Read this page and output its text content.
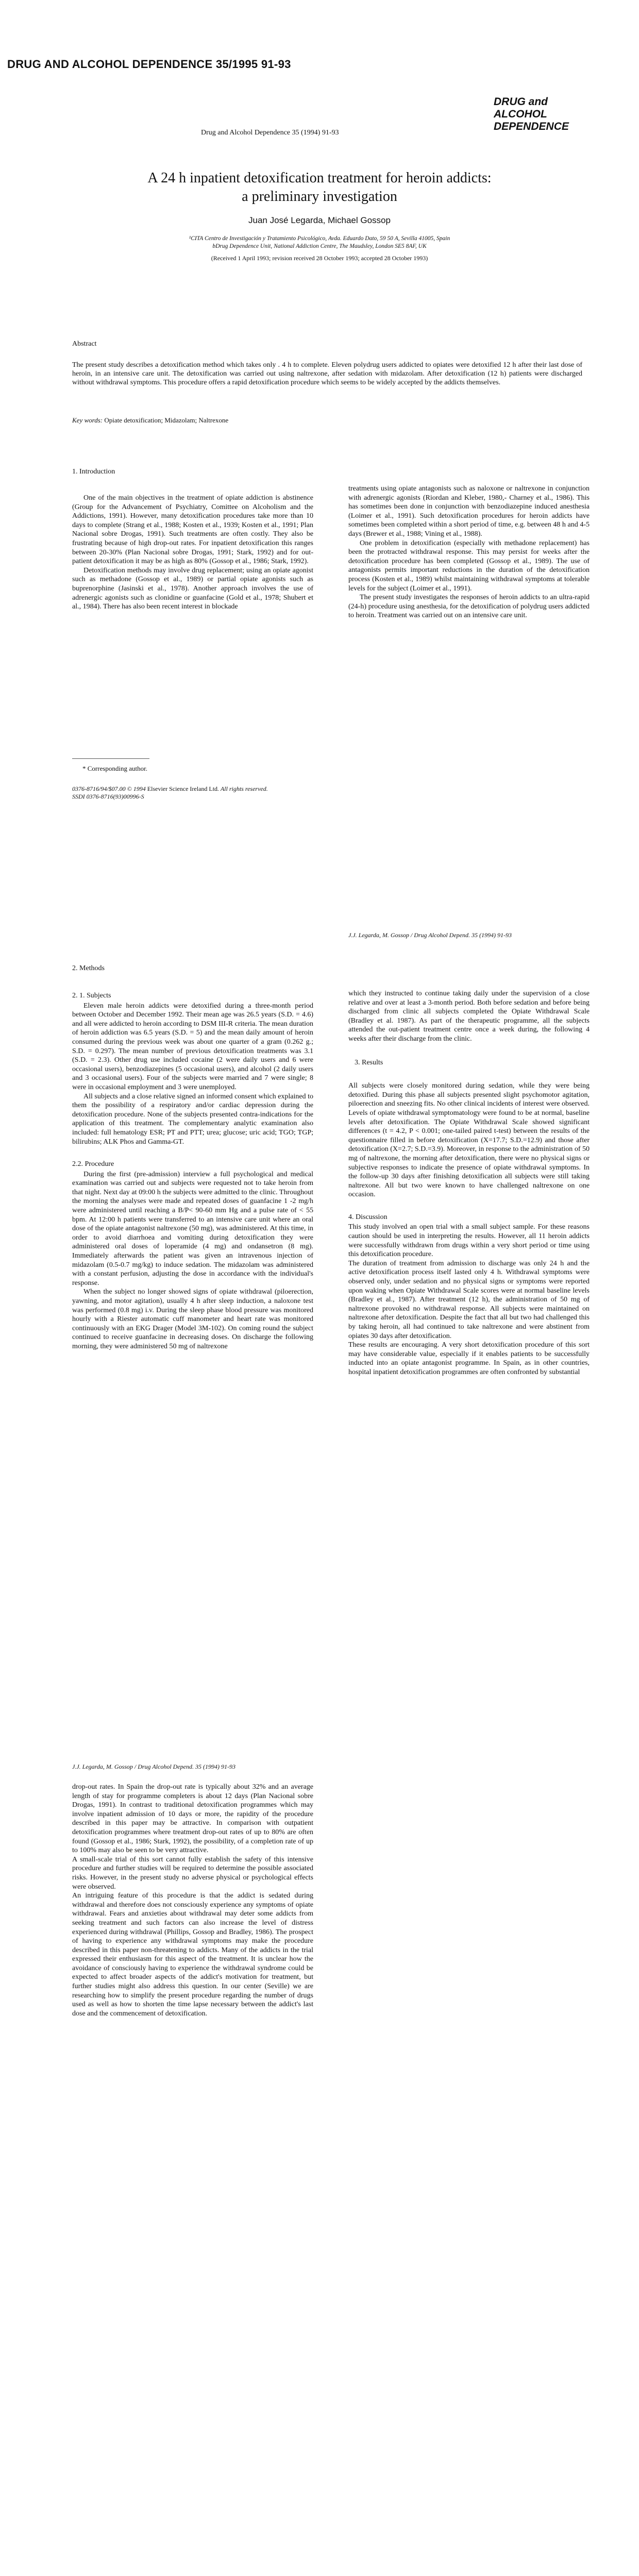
DRUG AND ALCOHOL DEPENDENCE 35/1995 91-93
DRUG and
ALCOHOL
DEPENDENCE
Drug and Alcohol Dependence 35 (1994) 91-93
A 24 h inpatient detoxification treatment for heroin addicts:
a preliminary investigation
Juan José Legarda, Michael Gossop
¹CITA Centro de Investigación y Tratamiento Psicológico, Avda. Eduardo Dato, 59 50 A, Sevilla 41005, Spain
bDrug Dependence Unit, National Addiction Centre, The Maudsley, London SE5 8AF, UK
(Received 1 April 1993; revision received 28 October 1993; accepted 28 October 1993)
Abstract
The present study describes a detoxification method which takes only . 4 h to complete. Eleven polydrug users addicted to opiates were detoxified 12 h after their last dose of heroin, in an intensive care unit. The detoxification was carried out using naltrexone, after sedation with midazolam. After detoxification (12 h) patients were discharged without withdrawal symptoms. This procedure offers a rapid detoxification procedure which seems to be widely accepted by the addicts themselves.
Key words: Opiate detoxification; Midazolam; Naltrexone
1. Introduction

One of the main objectives in the treatment of opiate addiction is abstinence (Group for the Advancement of Psychiatry, Comittee on Alcoholism and the Addictions, 1991). However, many detoxification procedures take more than 10 days to complete (Strang et al., 1988; Kosten et al., 1939; Kosten et al., 1991; Plan Nacional sobre Drogas, 1991). Such treatments are often costly. They also be frustrating because of high drop-out rates. For inpatient detoxification this ranges between 20-30% (Plan Nacional sobre Drogas, 1991; Stark, 1992) and for out-patient detoxification it may be as high as 80% (Gossop et al., 1986; Stark, 1992).

Detoxification methods may involve drug replacement; using an opiate agonist such as methadone (Gossop et al., 1989) or partial opiate agonists such as buprenorphine (Jasinski et al., 1978). Another approach involves the use of adrenergic agonists such as clonidine or guanfacine (Gold et al., 1978; Shubert et al., 1984). There has also been recent interest in blockade

treatments using opiate antagonists such as naloxone or naltrexone in conjunction with adrenergic agonists (Riordan and Kleber, 1980,- Charney et al., 1986). This has sometimes been done in conjunction with benzodiazepine induced anesthesia (Loimer et al., 1991). Such detoxification procedures for heroin addicts have sometimes been completed within a short period of time, e.g. between 48 h and 4-5 days (Brewer et al., 1988; Vining et al., 1988).

One problem in detoxification (especially with methadone replacement) has been the protracted withdrawal response. This may persist for weeks after the detoxification procedure has been completed (Gossop et al., 1989). The use of antagonists permits important reductions in the duration of the detoxification process (Kosten et al., 1989) whilst maintaining withdrawal symptoms at tolerable levels for the subject (Loimer et al., 1991).

The present study investigates the responses of heroin addicts to an ultra-rapid (24-h) procedure using anesthesia, for the detoxification of polydrug users addicted to heroin. Treatment was carried out on an intensive care unit.

* Corresponding author.
0376-8716/94/$07.00 © 1994 Elsevier Science Ireland Ltd. All rights reserved.
SSDI 0376-8716(93)00996-S
J.J. Legarda, M. Gossop / Drug Alcohol Depend. 35 (1994) 91-93
2. Methods
2. 1. Subjects

Eleven male heroin addicts were detoxified during a three-month period between October and December 1992. Their mean age was 26.5 years (S.D. = 4.6) and all were addicted to heroin according to DSM III-R criteria. The mean duration of heroin addiction was 6.5 years (S.D. = 5) and the mean daily amount of heroin consumed during the previous week was about one quarter of a gram (0.262 g.; S.D. = 0.297). The mean number of previous detoxification treatments was 3.1 (S.D. = 2.3). Other drug use included cocaine (2 were daily users and 6 were occasional users), benzodiazepines (5 occasional users), and alcohol (2 daily users and 3 occasional users). Four of the subjects were married and 7 were single; 8 were in occasional employment and 3 were unemployed.

All subjects and a close relative signed an informed consent which explained to them the possibility of a respiratory and/or cardiac depression during the detoxification procedure. None of the subjects presented contra-indications for the application of this treatment. The complementary analytic examination also included: full hematology ESR; PT and PTT; urea; glucose; uric acid; TGO; TGP; bilirubins; ALK Phos and Gamma-GT.

2.2. Procedure

During the first (pre-admission) interview a full psychological and medical examination was carried out and subjects were requested not to take heroin from that night. Next day at 09:00 h the subjects were admitted to the clinic. Throughout the morning the analyses were made and repeated doses of guanfacine 1 -2 mg/h were administered until reaching a B/P< 90-60 mm Hg and a pulse rate of < 55 bpm. At 12:00 h patients were transferred to an intensive care unit where an oral dose of the opiate antagonist naltrexone (50 mg), was administered. At this time, in order to avoid diarrhoea and vomiting during detoxification they were administered oral doses of loperamide (4 mg) and ondansetron (8 mg). Immediately afterwards the patient was given an intravenous injection of midazolam (0.5-0.7 mg/kg) to induce sedation. The midazolam was administered with a constant perfusion, adjusting the dose in accordance with the individual's response.

When the subject no longer showed signs of opiate withdrawal (piloerection, yawning, and motor agitation), usually 4 h after sleep induction, a naloxone test was performed (0.8 mg) i.v. During the sleep phase blood pressure was monitored hourly with a Riester automatic cuff manometer and heart rate was monitored continuously with an EKG Drager (Model 3M-102). On coming round the subject continued to receive guanfacine in decreasing doses. On discharge the following morning, they were administered 50 mg of naltrexone

which they instructed to continue taking daily under the supervision of a close relative and over at least a 3-month period. Both before sedation and before being discharged from clinic all subjects completed the Opiate Withdrawal Scale (Bradley et al. 1987). As part of the therapeutic programme, all the subjects attended the out-patient treatment centre once a week during, the following 4 weeks after their discharge from the clinic.

3. Results

All subjects were closely monitored during sedation, while they were being detoxified. During this phase all subjects presented slight psychomotor agitation, piloerection and sneezing fits. No other clinical incidents of interest were observed. Levels of opiate withdrawal symptomatology were found to be at normal, baseline levels after detoxification. The Opiate Withdrawal Scale showed significant differences (t = 4.2, P < 0.001; one-tailed paired t-test) between the results of the questionnaire filled in before detoxification (X=17.7; S.D.=12.9) and those after detoxification (X=2.7; S.D.=3.9). Moreover, in response to the administration of 50 mg of naltrexone, the morning after detoxification, there were no physical signs or subjective responses to indicate the presence of opiate withdrawal symptoms. In the follow-up 30 days after finishing detoxification all subjects were still taking naltrexone. All but two were known to have challenged naltrexone on one occasion.

4. Discussion

This study involved an open trial with a small subject sample. For these reasons caution should be used in interpreting the results. However, all 11 heroin addicts were successfully withdrawn from drugs within a very short period or time using this detoxification procedure.

The duration of treatment from admission to discharge was only 24 h and the active detoxification process itself lasted only 4 h. Withdrawal symptoms were observed only, under sedation and no physical signs or symptoms were reported upon waking when Opiate Withdrawal Scale scores were at normal baseline levels (Bradley et al., 1987). After treatment (12 h), the administration of 50 mg of naltrexone provoked no withdrawal response. All subjects were maintained on naltrexone after detoxification. Despite the fact that all but two had challenged this by taking heroin, all had continued to take naltrexone and were abstinent from opiates 30 days after detoxification.

These results are encouraging. A very short detoxification procedure of this sort may have considerable value, especially if it enables patients to be successfully inducted into an opiate antagonist programme. In Spain, as in other countries, hospital inpatient detoxification programmes are often confronted by substantial

J.J. Legarda, M. Gossop / Drug Alcohol Depend. 35 (1994) 91-93

drop-out rates. In Spain the drop-out rate is typically about 32% and an average length of stay for programme completers is about 12 days (Plan Nacional sobre Drogas, 1991). In contrast to traditional detoxification programmes which may involve inpatient admission of 10 days or more, the rapidity of the procedure described in this paper may be attractive. In comparison with outpatient detoxification programmes where treatment drop-out rates of up to 80% are often found (Gossop et al., 1986; Stark, 1992), the possibility, of a completion rate of up to 100% may also be seen to be very attractive.

A small-scale trial of this sort cannot fully establish the safety of this intensive procedure and further studies will be required to determine the possible associated risks. However, in the present study no adverse physical or psychological effects were observed.

An intriguing feature of this procedure is that the addict is sedated during withdrawal and therefore does not consciously experience any symptoms of opiate withdrawal. Fears and anxieties about withdrawal may deter some addicts from seeking treatment and such factors can also increase the level of distress experienced during withdrawal (Phillips, Gossop and Bradley, 1986). The prospect of having to experience any withdrawal symptoms may make the procedure described in this paper non-threatening to addicts. Many of the addicts in the trial expressed their enthusiasm for this aspect of the treatment. It is unclear how the avoidance of consciously having to experience the withdrawal syndrome could be expected to affect broader aspects of the addict's motivation for treatment, but further studies might also address this question. In our center (Seville) we are researching how to simplify the present procedure regarding the number of drugs used as well as how to shorten the time lapse necessary between the addict's last dose and the commencement of detoxification.
